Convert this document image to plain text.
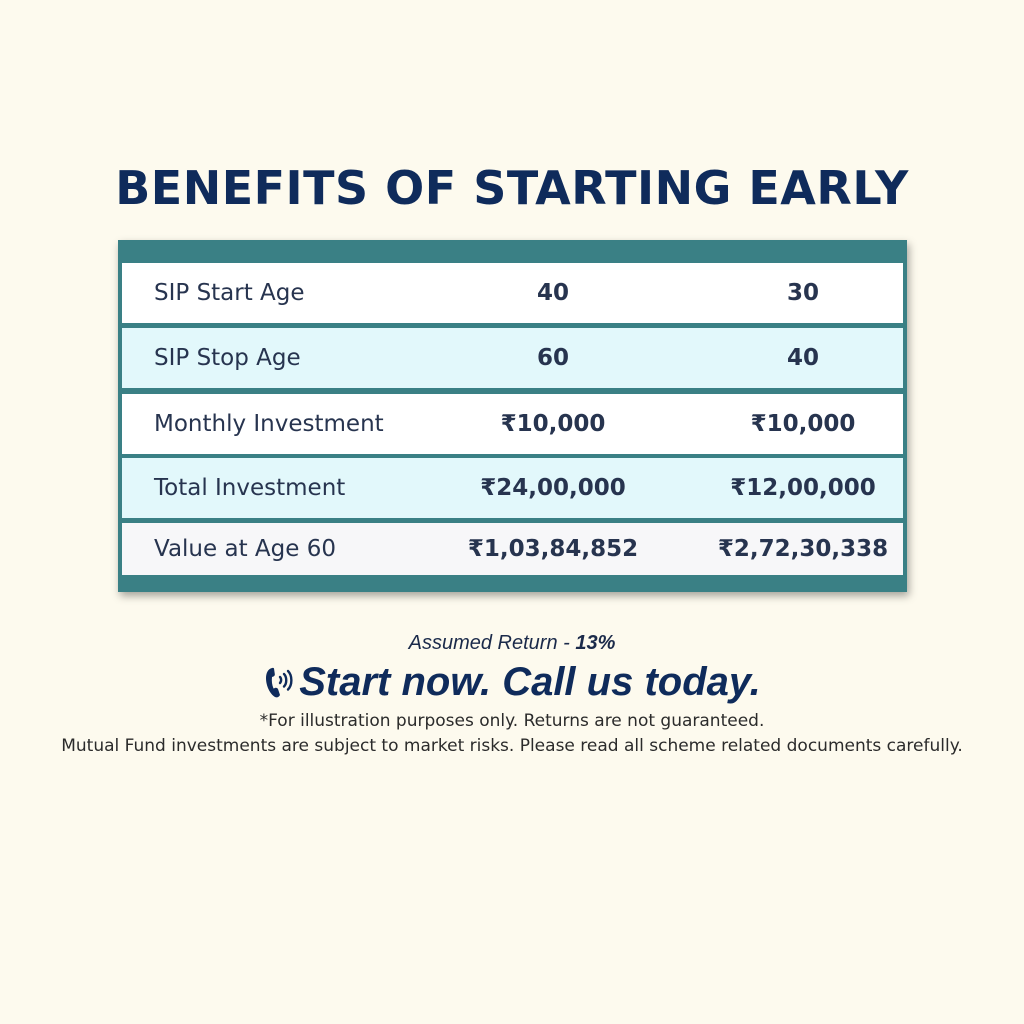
BENEFITS OF STARTING EARLY
SIP Start Age	40	30
SIP Stop Age	60	40
Monthly Investment	₹10,000	₹10,000
Total Investment	₹24,00,000	₹12,00,000
Value at Age 60	₹1,03,84,852	₹2,72,30,338
Assumed Return - 13%
Start now. Call us today.
*For illustration purposes only. Returns are not guaranteed.
Mutual Fund investments are subject to market risks. Please read all scheme related documents carefully.
